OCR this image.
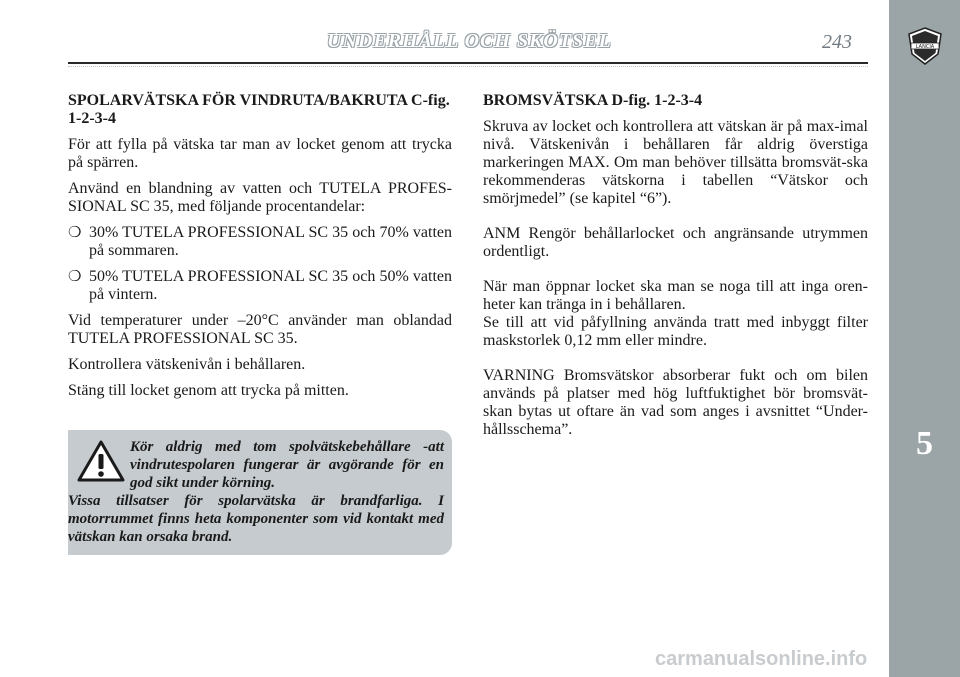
LANCIA
5
UNDERHÅLL OCH SKÖTSEL	243
SPOLARVÄTSKA FÖR VINDRUTA/BAKRUTA C-fig. 1-2-3-4

För att fylla på vätska tar man av locket genom att trycka på spärren.

Använd en blandning av vatten och TUTELA PROFES-SIONAL SC 35, med följande procentandelar:

❍ 30% TUTELA PROFESSIONAL SC 35 och 70% vatten på sommaren.
❍ 50% TUTELA PROFESSIONAL SC 35 och 50% vatten på vintern.

Vid temperaturer under –20°C använder man oblandad TUTELA PROFESSIONAL SC 35.

Kontrollera vätskenivån i behållaren.

Stäng till locket genom att trycka på mitten.

Kör aldrig med tom spolvätskebehållare -att vindrutespolaren fungerar är avgörande för en god sikt under körning.
Vissa tillsatser för spolarvätska är brandfarliga. I motorrummet finns heta komponenter som vid kontakt med vätskan kan orsaka brand.
BROMSVÄTSKA D-fig. 1-2-3-4

Skruva av locket och kontrollera att vätskan är på max-imal nivå. Vätskenivån i behållaren får aldrig överstiga markeringen MAX. Om man behöver tillsätta bromsvät-ska rekommenderas vätskorna i tabellen “Vätskor och smörjmedel” (se kapitel “6”).

ANM Rengör behållarlocket och angränsande utrymmen ordentligt.

När man öppnar locket ska man se noga till att inga oren-heter kan tränga in i behållaren.

Se till att vid påfyllning använda tratt med inbyggt filter maskstorlek 0,12 mm eller mindre.

VARNING Bromsvätskor absorberar fukt och om bilen används på platser med hög luftfuktighet bör bromsvät-skan bytas ut oftare än vad som anges i avsnittet “Under-hållsschema”.

carmanualsonline.info
